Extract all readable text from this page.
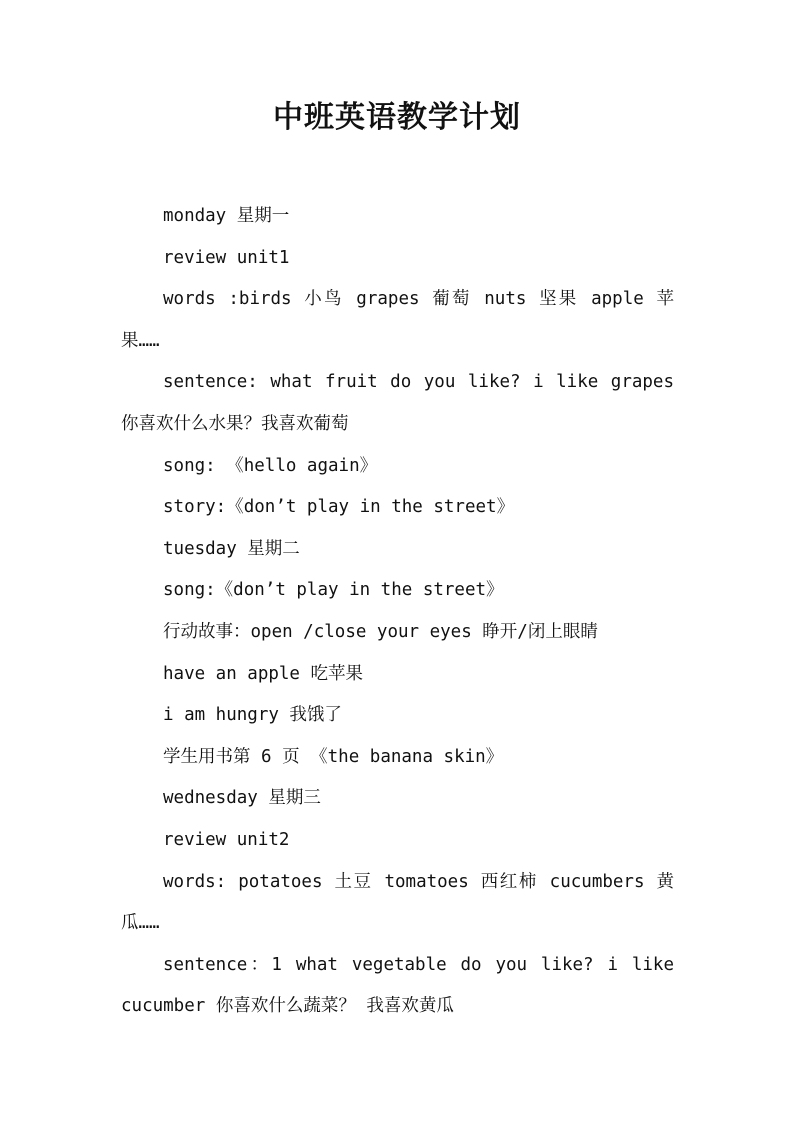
中班英语教学计划

monday 星期一

review unit1

words :birds 小鸟 grapes 葡萄 nuts 坚果 apple 苹果……

sentence: what fruit do you like? i like grapes 你喜欢什么水果？我喜欢葡萄

song: 《hello again》

story:《don’t play in the street》

tuesday 星期二

song:《don’t play in the street》

行动故事：open /close your eyes 睁开/闭上眼睛

have an apple 吃苹果

i am hungry 我饿了

学生用书第 6 页 《the banana skin》

wednesday 星期三

review unit2

words: potatoes 土豆 tomatoes 西红柿 cucumbers 黄瓜……

sentence：1 what vegetable do you like? i like cucumber 你喜欢什么蔬菜？ 我喜欢黄瓜
